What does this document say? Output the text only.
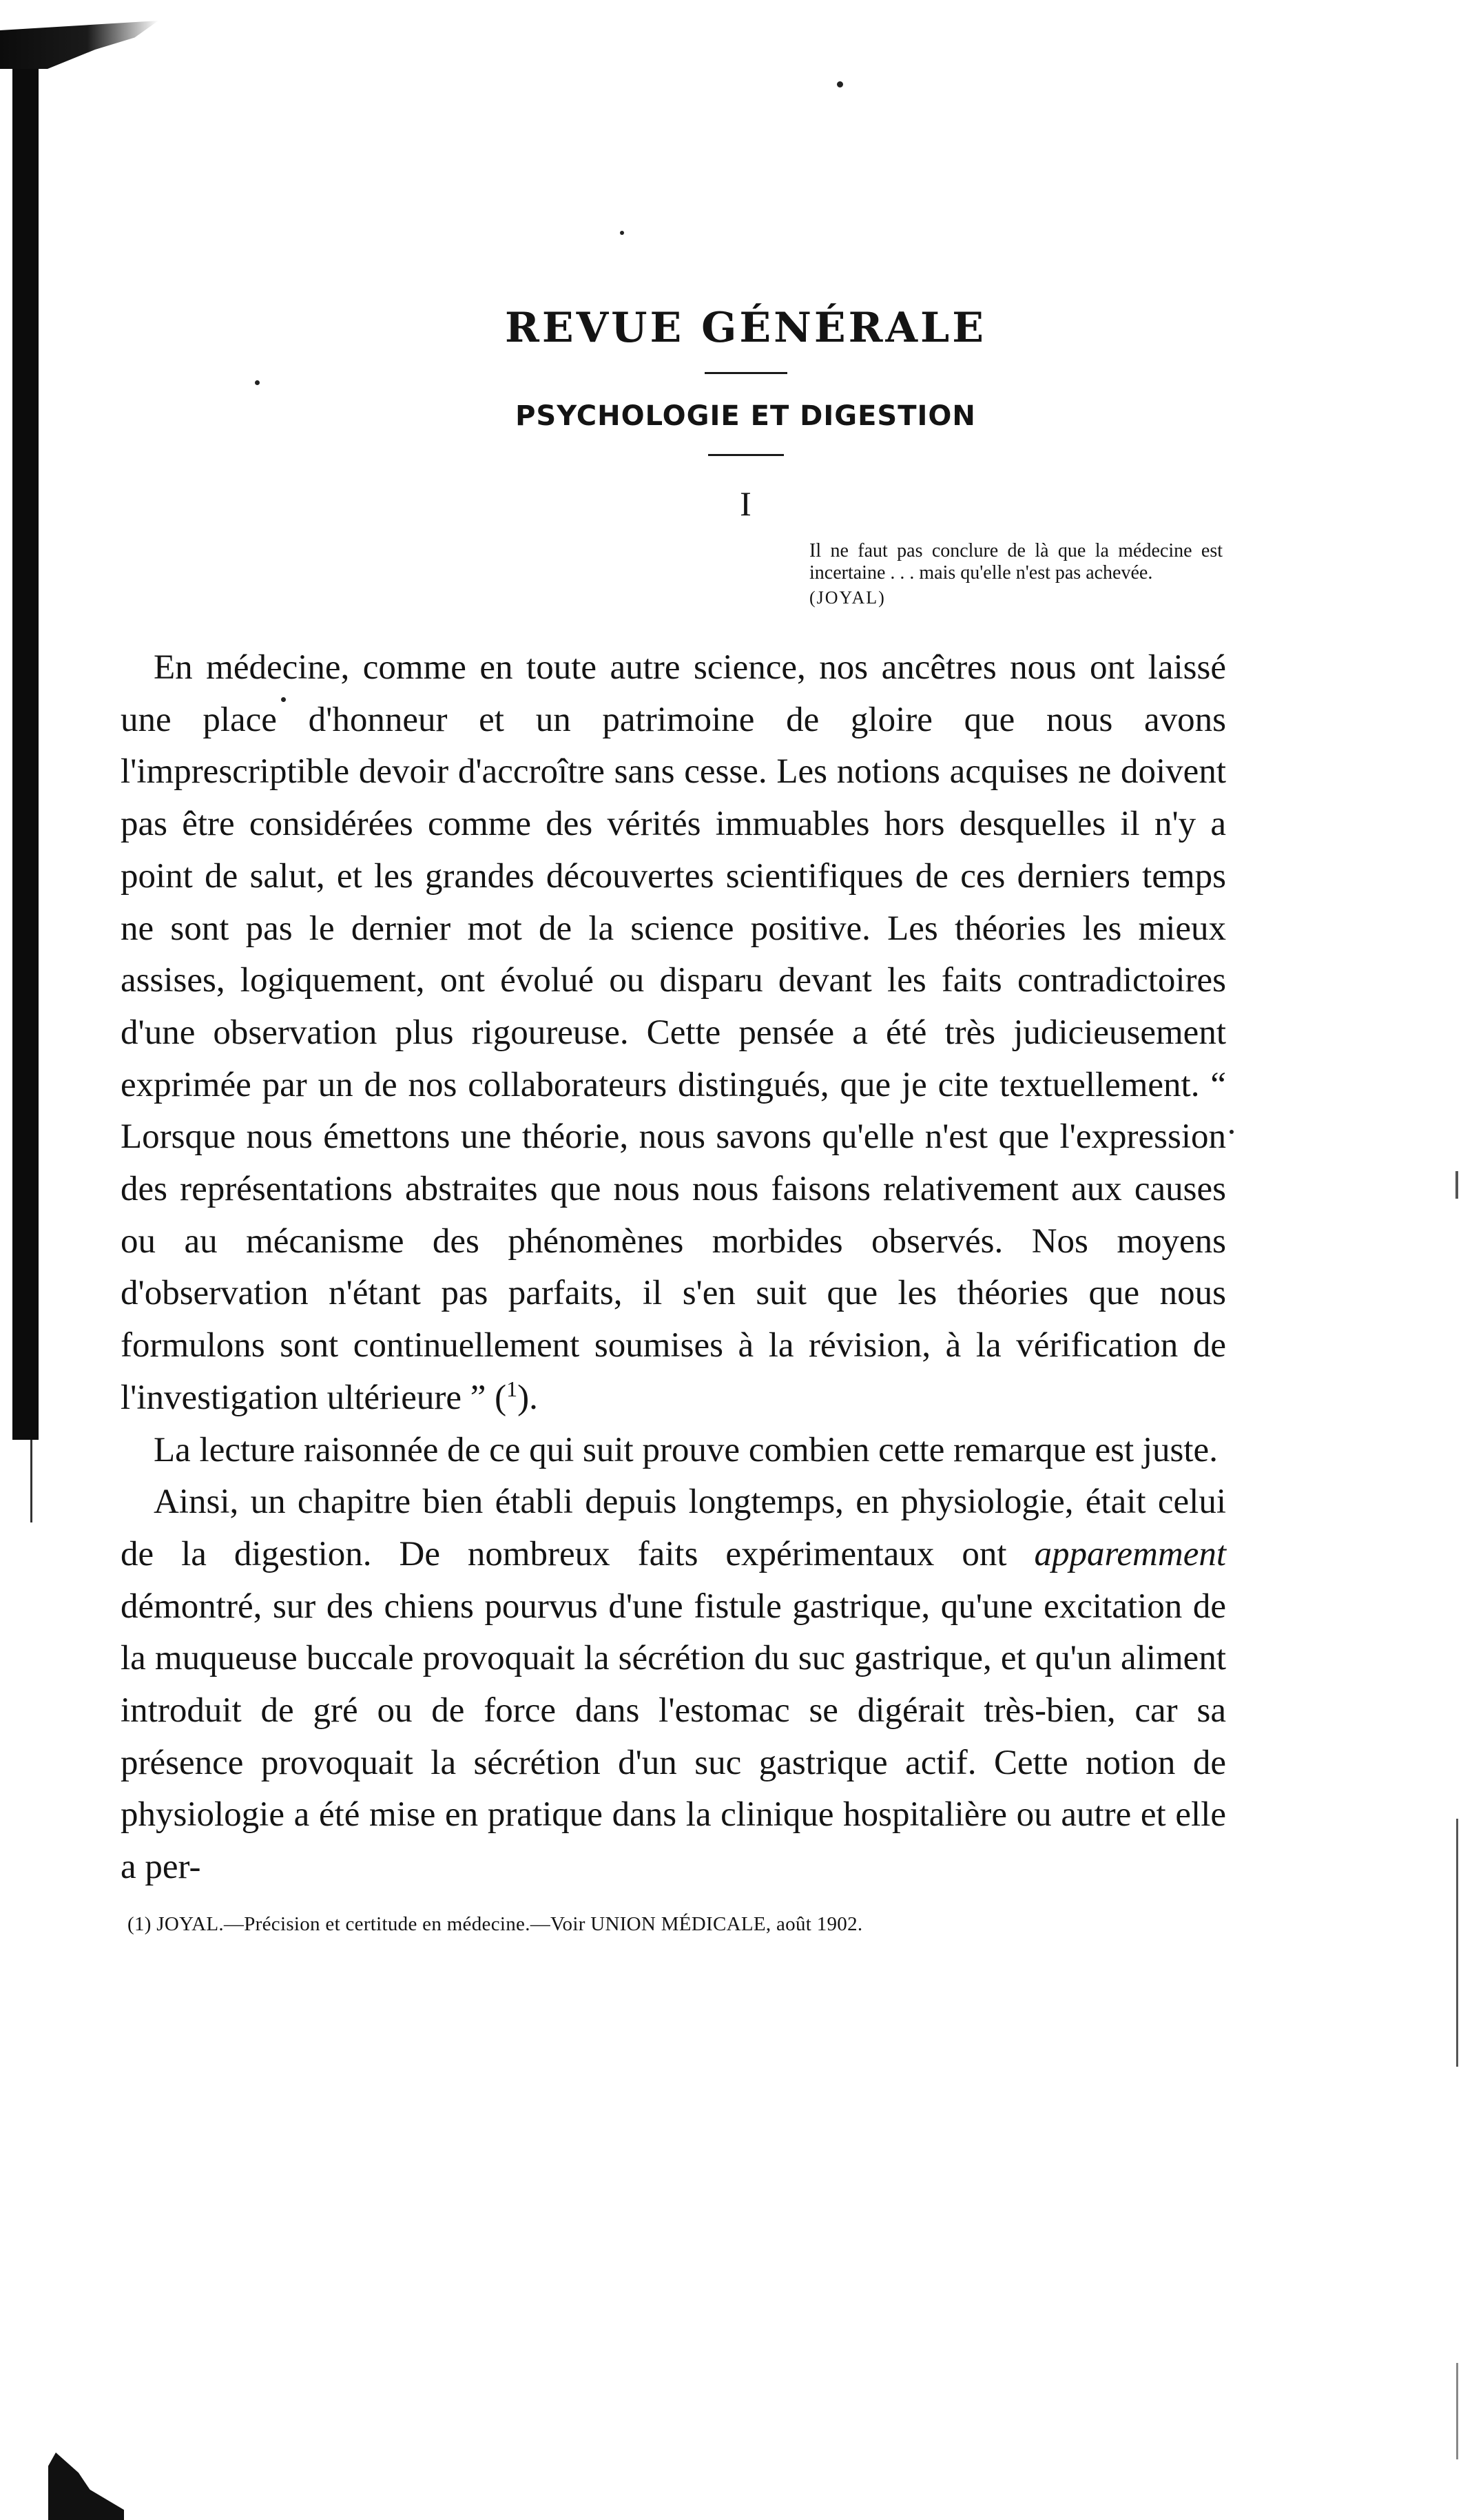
REVUE GÉNÉRALE
PSYCHOLOGIE ET DIGESTION
I
Il ne faut pas conclure de là que la médecine est incertaine . . . mais qu'elle n'est pas achevée.
(JOYAL)

En médecine, comme en toute autre science, nos ancêtres nous ont laissé une place d'honneur et un patrimoine de gloire que nous avons l'imprescriptible devoir d'accroître sans cesse. Les notions acquises ne doivent pas être considérées comme des vérités immuables hors desquelles il n'y a point de salut, et les grandes découvertes scientifiques de ces derniers temps ne sont pas le dernier mot de la science positive. Les théories les mieux assises, logiquement, ont évolué ou disparu devant les faits contradictoires d'une observation plus rigoureuse. Cette pensée a été très judicieusement exprimée par un de nos collaborateurs distingués, que je cite textuellement. “ Lorsque nous émettons une théorie, nous savons qu'elle n'est que l'expression des représentations abstraites que nous nous faisons relativement aux causes ou au mécanisme des phénomènes morbides observés. Nos moyens d'observation n'étant pas parfaits, il s'en suit que les théories que nous formulons sont continuellement soumises à la révision, à la vérification de l'investigation ultérieure ” ($^1$).

La lecture raisonnée de ce qui suit prouve combien cette remarque est juste.

Ainsi, un chapitre bien établi depuis longtemps, en physiologie, était celui de la digestion. De nombreux faits expérimentaux ont apparemment démontré, sur des chiens pourvus d'une fistule gastrique, qu'une excitation de la muqueuse buccale provoquait la sécrétion du suc gastrique, et qu'un aliment introduit de gré ou de force dans l'estomac se digérait très-bien, car sa présence provoquait la sécrétion d'un suc gastrique actif. Cette notion de physiologie a été mise en pratique dans la clinique hospitalière ou autre et elle a per-

(1) JOYAL.—Précision et certitude en médecine.—Voir UNION MÉDICALE, août 1902.
